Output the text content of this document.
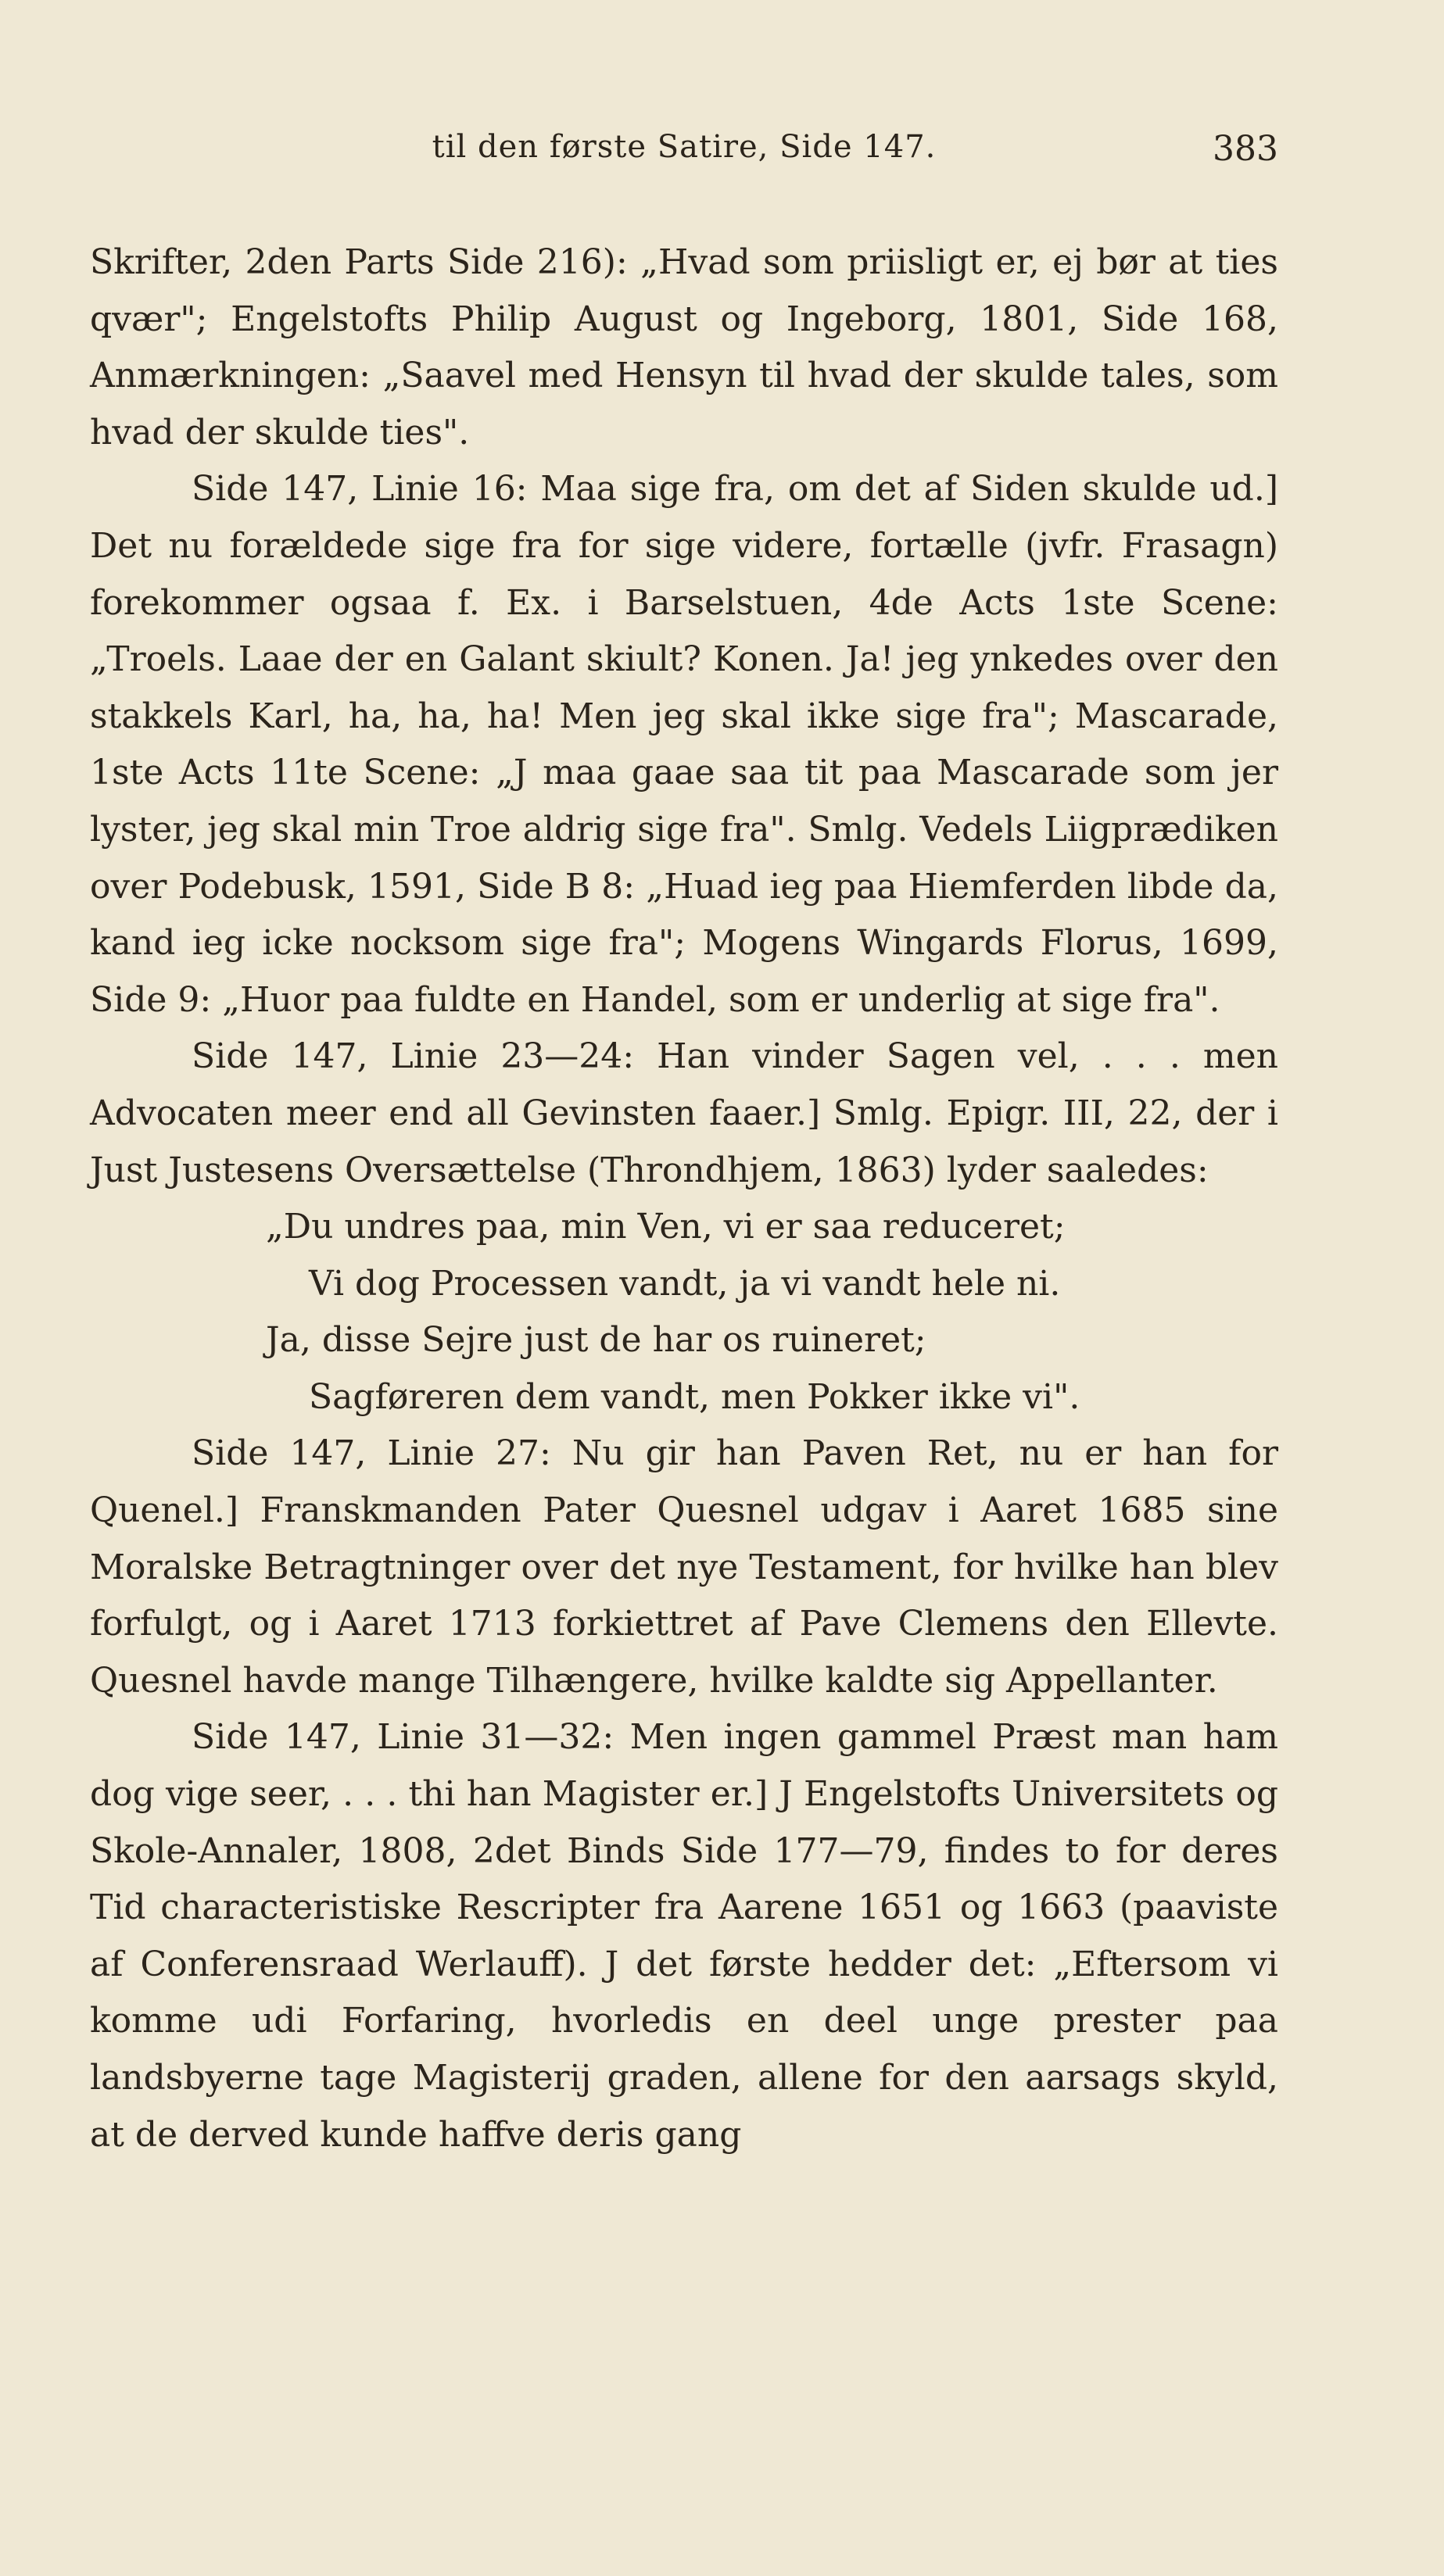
til den første Satire, Side 147.	383

Skrifter, 2den Parts Side 216): „Hvad som priisligt er, ej bør at ties qvær"; Engelstofts Philip August og Ingeborg, 1801, Side 168, Anmærkningen: „Saavel med Hensyn til hvad der skulde tales, som hvad der skulde ties".

Side 147, Linie 16: Maa sige fra, om det af Siden skulde ud.] Det nu forældede sige fra for sige videre, fortælle (jvfr. Frasagn) forekommer ogsaa f. Ex. i Barselstuen, 4de Acts 1ste Scene: „Troels. Laae der en Galant skiult? Konen. Ja! jeg ynkedes over den stakkels Karl, ha, ha, ha! Men jeg skal ikke sige fra"; Mascarade, 1ste Acts 11te Scene: „J maa gaae saa tit paa Mascarade som jer lyster, jeg skal min Troe aldrig sige fra". Smlg. Vedels Liigprædiken over Podebusk, 1591, Side B 8: „Huad ieg paa Hiemferden libde da, kand ieg icke nocksom sige fra"; Mogens Wingards Florus, 1699, Side 9: „Huor paa fuldte en Handel, som er underlig at sige fra".

Side 147, Linie 23—24: Han vinder Sagen vel, . . . men Advocaten meer end all Gevinsten faaer.] Smlg. Epigr. III, 22, der i Just Justesens Oversættelse (Throndhjem, 1863) lyder saaledes:

„Du undres paa, min Ven, vi er saa reduceret;
Vi dog Processen vandt, ja vi vandt hele ni.
Ja, disse Sejre just de har os ruineret;
Sagføreren dem vandt, men Pokker ikke vi".

Side 147, Linie 27: Nu gir han Paven Ret, nu er han for Quenel.] Franskmanden Pater Quesnel udgav i Aaret 1685 sine Moralske Betragtninger over det nye Testament, for hvilke han blev forfulgt, og i Aaret 1713 forkiettret af Pave Clemens den Ellevte. Quesnel havde mange Tilhængere, hvilke kaldte sig Appellanter.

Side 147, Linie 31—32: Men ingen gammel Præst man ham dog vige seer, . . . thi han Magister er.] J Engelstofts Universitets og Skole-Annaler, 1808, 2det Binds Side 177—79, findes to for deres Tid characteristiske Rescripter fra Aarene 1651 og 1663 (paaviste af Conferensraad Werlauff). J det første hedder det: „Eftersom vi komme udi Forfaring, hvorledis en deel unge prester paa landsbyerne tage Magisterij graden, allene for den aarsags skyld, at de derved kunde haffve deris gang
